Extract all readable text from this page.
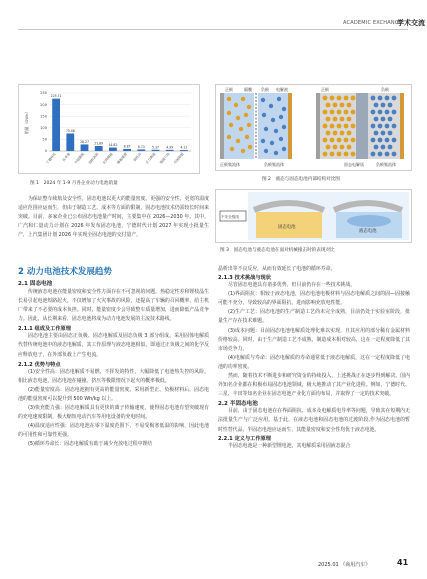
ACADEMIC EXCHANGE
学术交流
250
200
150
100
50
0
销量（GWh）
225.71
宁德时代
75.46
比亚迪
28.27
中创新航
21.69
国轩高科
14.82
亿纬锂能
8.87
蜂巢能源
6.73
欣旺达
5.37
正力新能
4.99
瑞浦兰钧
4.12
中国联盟
图 1　2024 年 1-9 月各企业动力电池销量
正极	负极
隔膜	电解液
正极集流体	负极集流体
正极	负极
固态电解质	负极集流体
图 2　液态与固态电池内部结构对比图
不安全弧线
固态电池
液态电池
图 3　固态电池与液态电池在面对机械撞击时的表现对比

为保证整车续航及安全性，固态电池以更大的能量密度、更强的安全性、更宽的温度适应范围应运而生，但由于制造工艺、成本等方面的限制，固态电池技术仍需较长时间来突破。目前，多家企业已公布固态电池量产时间，主要集中在 2026—2030 年。其中，广汽和仁量动力计划在 2026 年发布固态电池，宁德时代计划 2027 年实现小批量生产，上汽集团计划 2026 年实现全固态电池的交付量产。

2 动力电池技术发展趋势
2.1 固态电池

传统液态电池在能量密度和安全性方面存在不可忽视的问题。热稳定性差和锂枝晶生长易引起电池短路起火，不仅增加了火灾事故的风险，还提高了车辆的召回概率，给主机厂带来了不必要的成本负担。同时，能量密度少会导致整车质量增加，进而降低产品竞争力。因此，从长期来看，固态电池将成为动力电池发展的主流技术路线。

2.1.1 组成及工作原理

固态电池主要由固态正负极、固态电解质及固态负极 3 部分组成。采用固体电解质代替传统电池中的液态电解质，其工作原理与液态电池相似，即通过正负极之间的化学反应释放电子，在外部负载上产生电流。

2.1.2 优势与特点

(1)安全性高：固态电解质不易燃、不挥发的特性，大幅降低了电池热失控的风险。相比液态电池，固态电池在碰撞、挤压等极限情况下起火的概率极低。

(2)能量密度高：固态电池拥有更高的能量密度。采用新型正、负极材料后，固态电池的能量密度可以提升到 500 Wh/kg 以上。

(3)快充能力强：固态电解质具有更快的离子传输速度，使得固态电池有望突破现有的充电速度限制，极大缩短电动汽车等用电设备的充电时间。

(4)温度适应性强：固态电池在零下温度范围下，不易受极寒低温的影响，因此电池的可用性和可靠性更强。

(5)循环寿命长：固态电解质有助于减少充放电过程中锂结

晶析出等不良反应，从而有效延长了电池的循环寿命。

2.1.3 技术挑战与现状

尽管固态电池具有诸多优势，但目前仍存在一些技术挑战。

(1)界面阻抗：相较于液态电池，固态电池电极材料与固态电解质之间的固—固接触可能不充分，导致较高的界面阻抗，进而影响充放电性能。

(2)生产工艺：固态电池的生产制造工艺尚未完全成熟，目前仍处于实验室阶段，批量生产存在技术难题。

(3)成本问题：目前固态电池电解质处理化难以实现，且其应用的部分稀有金属材料价格较高。同时，由于生产制造工艺不成熟，制造成本相对较高，这在一定程度降低了其市场竞争力。

(4)电解质与寿命：固态电解质的寿命通常低于液态电解质，这在一定程度降低了电池的功率密度。

然而，随着技术不断进步和研究资金的持续投入，上述挑战正在逐步得到解决。国内外知名企业都在积极布局固态电池领域，极大地推动了其产业化进程。例如，宁德时代、三星、丰田等知名企业在固态电池产业化方面均布局，并取得了一定的技术突破。

2.2 半固态电池

目前，由于固态电池在在界面阻抗、成本及电解质电导率等问题，导致其在短期内无法批量生产与广泛应用。基于此，在液态电池和固态电池的过渡阶段,作为固态电池的暂时性替代品，半固态电池应运而生，其能量密度和安全性均优于液态电池。

2.2.1 定义与工作原理

半固态电池是一种新型锂电池，其电解质采用固液态混合

2025.01 《商用汽车》	41
